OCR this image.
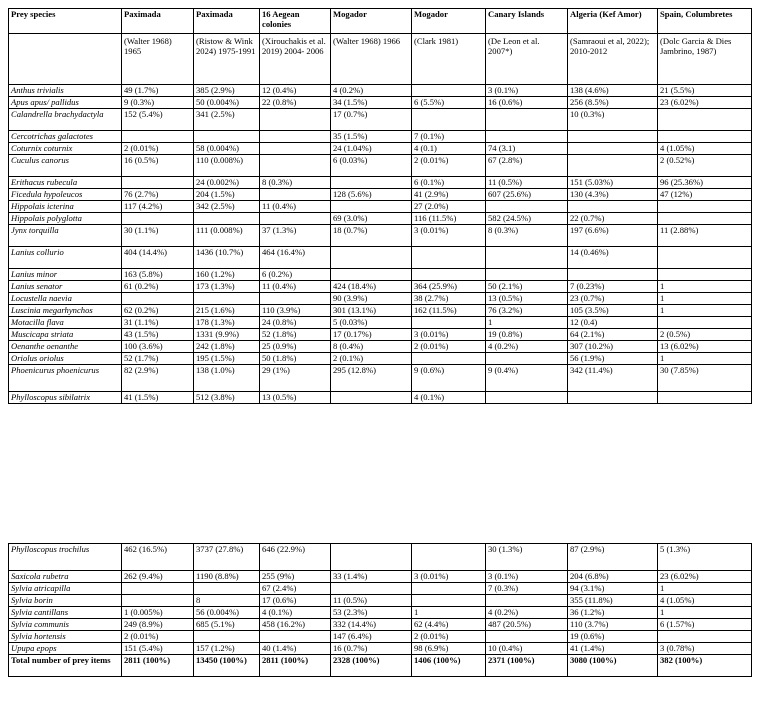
Prey species	Paximada	Paximada	16 Aegean colonies	Mogador	Mogador	Canary Islands	Algeria (Kef Amor)	Spain, Columbretes
	(Walter 1968) 1965	(Ristow & Wink 2024) 1975-1991	(Xirouchakis et al. 2019) 2004- 2006	(Walter 1968) 1966	(Clark 1981)	(De Leon et al. 2007*)	(Samraoui et al, 2022); 2010-2012	(Dolc Garcia & Dies Jambrino, 1987)
Anthus trivialis	49 (1.7%)	385 (2.9%)	12 (0.4%)	4 (0.2%)		3 (0.1%)	138 (4.6%)	21 (5.5%)
Apus apus/ pallidus	9 (0.3%)	50 (0.004%)	22 (0.8%)	34 (1.5%)	6 (5.5%)	16 (0.6%)	256 (8.5%)	23 (6.02%)
Calandrella brachydactyla	152 (5.4%)	341 (2.5%)		17 (0.7%)			10 (0.3%)	
Cercotrichas galactotes				35 (1.5%)	7 (0.1%)			
Coturnix coturnix	2 (0.01%)	58 (0.004%)		24 (1.04%)	4 (0.1)	74 (3.1)		4 (1.05%)
Cuculus canorus	16 (0.5%)	110 (0.008%)		6 (0.03%)	2 (0.01%)	67 (2.8%)		2 (0.52%)
Erithacus rubecula		24 (0.002%)	8 (0.3%)		6 (0.1%)	11 (0.5%)	151 (5.03%)	96 (25.36%)
Ficedula hypoleucos	76 (2.7%)	204 (1.5%)		128 (5.6%)	41 (2.9%)	607 (25.6%)	130 (4.3%)	47 (12%)
Hippolais icterina	117 (4.2%)	342 (2.5%)	11 (0.4%)		27 (2.0%)			
Hippolais polyglotta				69 (3.0%)	116 (11.5%)	582 (24.5%)	22 (0.7%)	
Jynx torquilla	30 (1.1%)	111 (0.008%)	37 (1.3%)	18 (0.7%)	3 (0.01%)	8 (0.3%)	197 (6.6%)	11 (2.88%)
Lanius collurio	404 (14.4%)	1436 (10.7%)	464 (16.4%)				14 (0.46%)	
Lanius minor	163 (5.8%)	160 (1.2%)	6 (0.2%)					
Lanius senator	61 (0.2%)	173 (1.3%)	11 (0.4%)	424 (18.4%)	364 (25.9%)	50 (2.1%)	7 (0.23%)	1
Locustella naevia				90 (3.9%)	38 (2.7%)	13 (0.5%)	23 (0.7%)	1
Luscinia megarhynchos	62 (0.2%)	215 (1.6%)	110 (3.9%)	301 (13.1%)	162 (11.5%)	76 (3.2%)	105 (3.5%)	1
Motacilla flava	31 (1.1%)	178 (1.3%)	24 (0.8%)	5 (0.03%)		1	12 (0.4)	
Muscicapa striata	43 (1.5%)	1331 (9.9%)	52 (1.8%)	17 (0.17%)	3 (0.01%)	19 (0.8%)	64 (2.1%)	2 (0.5%)
Oenanthe oenanthe	100 (3.6%)	242 (1.8%)	25 (0.9%)	8 (0.4%)	2 (0.01%)	4 (0.2%)	307 (10.2%)	13 (6.02%)
Oriolus oriolus	52 (1.7%)	195 (1.5%)	50 (1.8%)	2 (0.1%)			56 (1.9%)	1
Phoenicurus phoenicurus	82 (2.9%)	138 (1.0%)	29 (1%)	295 (12.8%)	9 (0.6%)	9 (0.4%)	342 (11.4%)	30 (7.85%)
Phylloscopus sibilatrix	41 (1.5%)	512 (3.8%)	13 (0.5%)		4 (0.1%)			
Phylloscopus trochilus	462 (16.5%)	3737 (27.8%)	646 (22.9%)			30 (1.3%)	87 (2.9%)	5 (1.3%)
Saxicola rubetra	262 (9.4%)	1190 (8.8%)	255 (9%)	33 (1.4%)	3 (0.01%)	3 (0.1%)	204 (6.8%)	23 (6.02%)
Sylvia atricapilla			67 (2.4%)			7 (0.3%)	94 (3.1%)	1
Sylvia borin		8	17 (0.6%)	11 (0.5%)			355 (11.8%)	4 (1.05%)
Sylvia cantillans	1 (0.005%)	56 (0.004%)	4 (0.1%)	53 (2.3%)	1	4 (0.2%)	36 (1.2%)	1
Sylvia communis	249 (8.9%)	685 (5.1%)	458 (16.2%)	332 (14.4%)	62 (4.4%)	487 (20.5%)	110 (3.7%)	6 (1.57%)
Sylvia hortensis	2 (0.01%)			147 (6.4%)	2 (0.01%)		19 (0.6%)	
Upupa epops	151 (5.4%)	157 (1.2%)	40 (1.4%)	16 (0.7%)	98 (6.9%)	10 (0.4%)	41 (1.4%)	3 (0.78%)
Total number of prey items	2811 (100%)	13450 (100%)	2811 (100%)	2328 (100%)	1406 (100%)	2371 (100%)	3080 (100%)	382 (100%)
